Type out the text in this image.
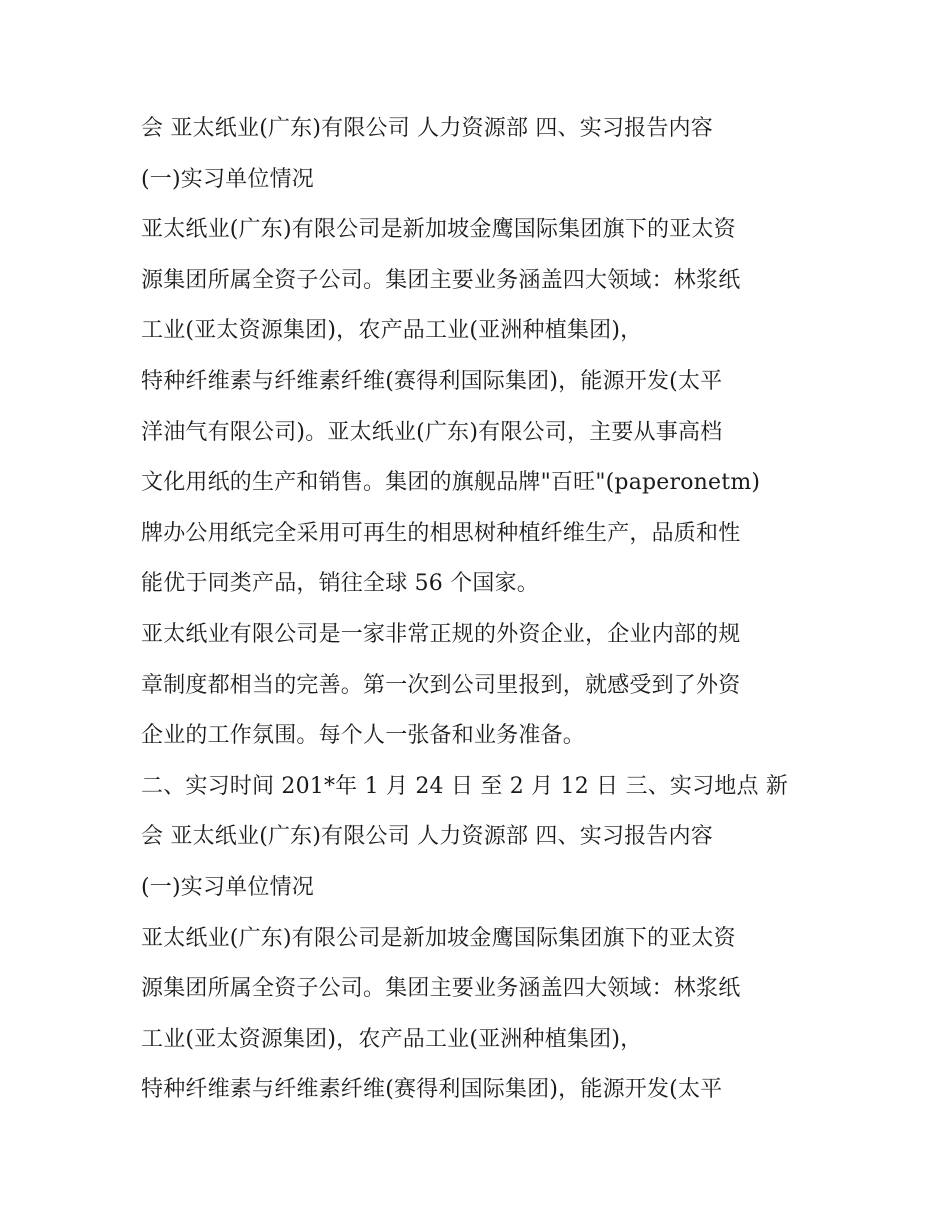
会 亚太纸业(广东)有限公司 人力资源部 四、实习报告内容
(一)实习单位情况
亚太纸业(广东)有限公司是新加坡金鹰国际集团旗下的亚太资
源集团所属全资子公司。集团主要业务涵盖四大领域：林浆纸
工业(亚太资源集团)，农产品工业(亚洲种植集团)，
特种纤维素与纤维素纤维(赛得利国际集团)，能源开发(太平
洋油气有限公司)。亚太纸业(广东)有限公司，主要从事高档
文化用纸的生产和销售。集团的旗舰品牌"百旺"(paperonetm)
牌办公用纸完全采用可再生的相思树种植纤维生产，品质和性
能优于同类产品，销往全球 56 个国家。
亚太纸业有限公司是一家非常正规的外资企业，企业内部的规
章制度都相当的完善。第一次到公司里报到，就感受到了外资
企业的工作氛围。每个人一张备和业务准备。
二、实习时间 201*年 1 月 24 日 至 2 月 12 日 三、实习地点 新
会 亚太纸业(广东)有限公司 人力资源部 四、实习报告内容
(一)实习单位情况
亚太纸业(广东)有限公司是新加坡金鹰国际集团旗下的亚太资
源集团所属全资子公司。集团主要业务涵盖四大领域：林浆纸
工业(亚太资源集团)，农产品工业(亚洲种植集团)，
特种纤维素与纤维素纤维(赛得利国际集团)，能源开发(太平
